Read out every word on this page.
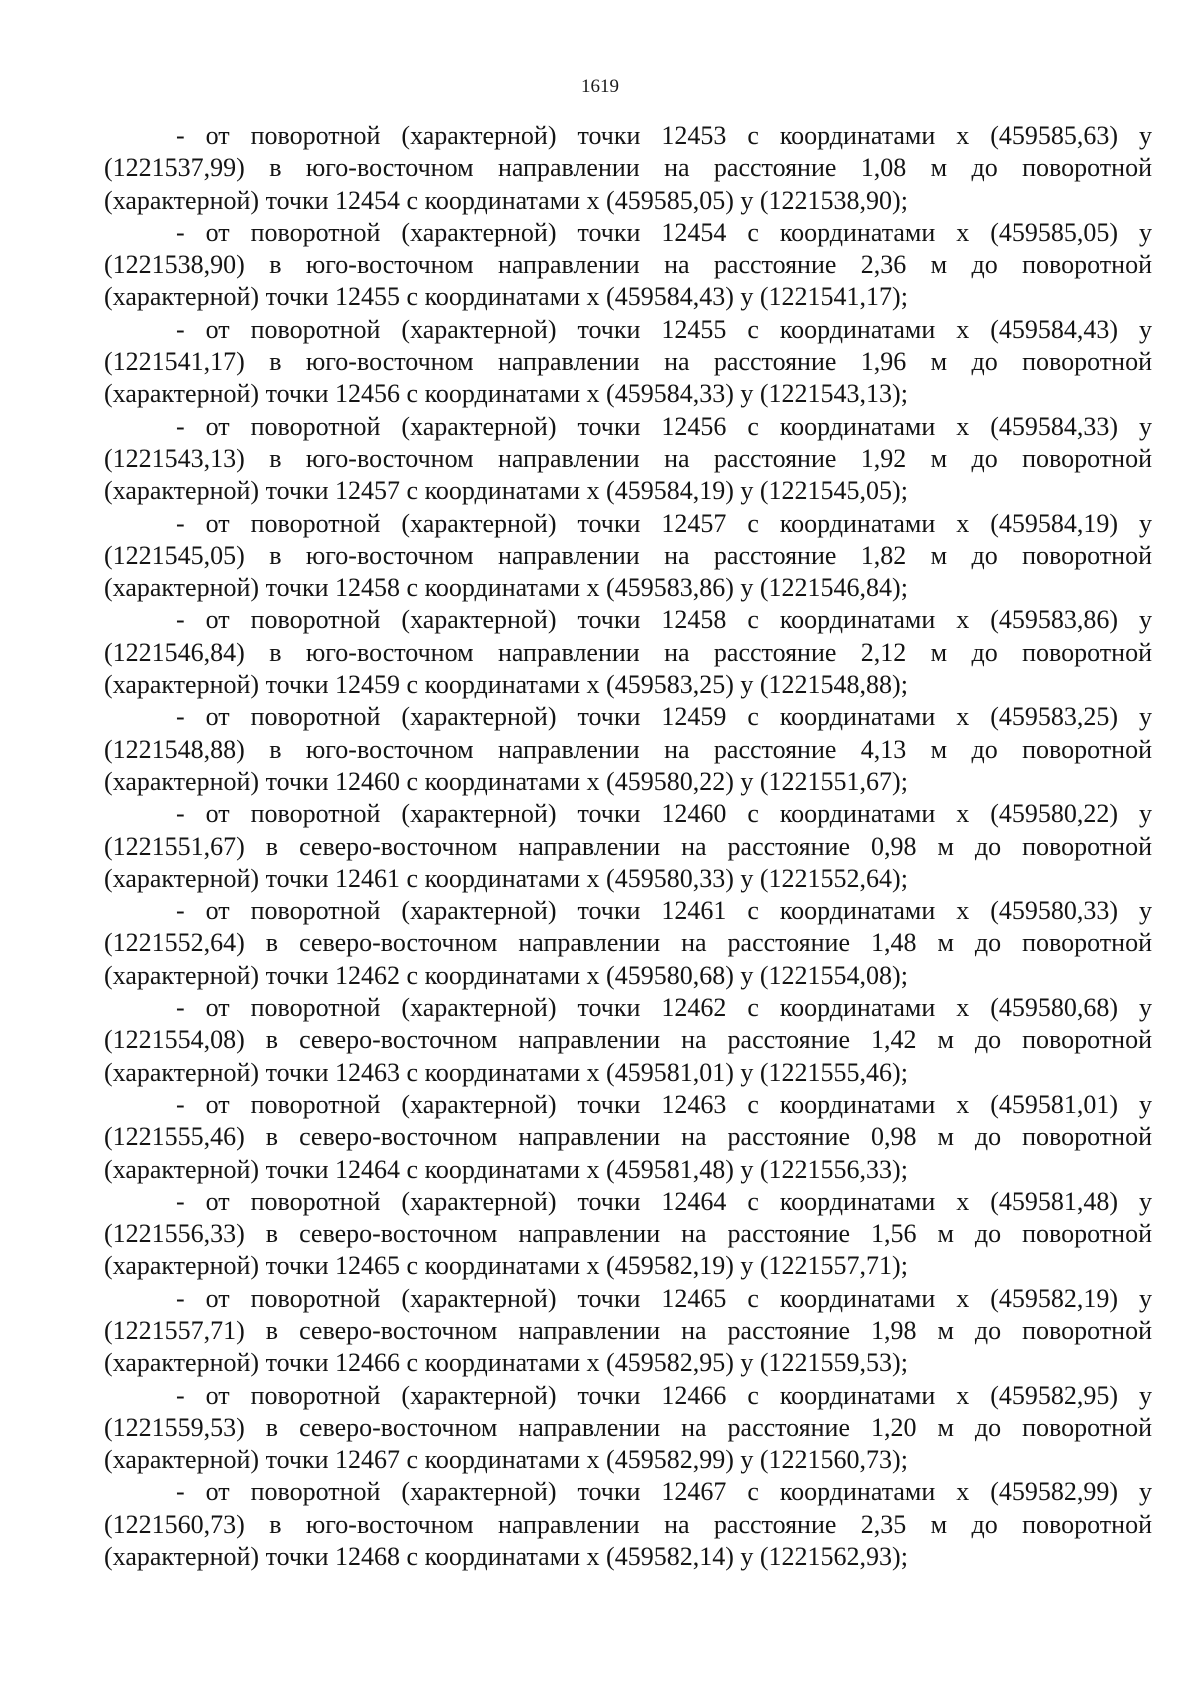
1619

- от поворотной (характерной) точки 12453 с координатами х (459585,63) у (1221537,99) в юго-восточном направлении на расстояние 1,08 м до поворотной (характерной) точки 12454 с координатами х (459585,05) у (1221538,90);

- от поворотной (характерной) точки 12454 с координатами х (459585,05) у (1221538,90) в юго-восточном направлении на расстояние 2,36 м до поворотной (характерной) точки 12455 с координатами х (459584,43) у (1221541,17);

- от поворотной (характерной) точки 12455 с координатами х (459584,43) у (1221541,17) в юго-восточном направлении на расстояние 1,96 м до поворотной (характерной) точки 12456 с координатами х (459584,33) у (1221543,13);

- от поворотной (характерной) точки 12456 с координатами х (459584,33) у (1221543,13) в юго-восточном направлении на расстояние 1,92 м до поворотной (характерной) точки 12457 с координатами х (459584,19) у (1221545,05);

- от поворотной (характерной) точки 12457 с координатами х (459584,19) у (1221545,05) в юго-восточном направлении на расстояние 1,82 м до поворотной (характерной) точки 12458 с координатами х (459583,86) у (1221546,84);

- от поворотной (характерной) точки 12458 с координатами х (459583,86) у (1221546,84) в юго-восточном направлении на расстояние 2,12 м до поворотной (характерной) точки 12459 с координатами х (459583,25) у (1221548,88);

- от поворотной (характерной) точки 12459 с координатами х (459583,25) у (1221548,88) в юго-восточном направлении на расстояние 4,13 м до поворотной (характерной) точки 12460 с координатами х (459580,22) у (1221551,67);

- от поворотной (характерной) точки 12460 с координатами х (459580,22) у (1221551,67) в северо-восточном направлении на расстояние 0,98 м до поворотной (характерной) точки 12461 с координатами х (459580,33) у (1221552,64);

- от поворотной (характерной) точки 12461 с координатами х (459580,33) у (1221552,64) в северо-восточном направлении на расстояние 1,48 м до поворотной (характерной) точки 12462 с координатами х (459580,68) у (1221554,08);

- от поворотной (характерной) точки 12462 с координатами х (459580,68) у (1221554,08) в северо-восточном направлении на расстояние 1,42 м до поворотной (характерной) точки 12463 с координатами х (459581,01) у (1221555,46);

- от поворотной (характерной) точки 12463 с координатами х (459581,01) у (1221555,46) в северо-восточном направлении на расстояние 0,98 м до поворотной (характерной) точки 12464 с координатами х (459581,48) у (1221556,33);

- от поворотной (характерной) точки 12464 с координатами х (459581,48) у (1221556,33) в северо-восточном направлении на расстояние 1,56 м до поворотной (характерной) точки 12465 с координатами х (459582,19) у (1221557,71);

- от поворотной (характерной) точки 12465 с координатами х (459582,19) у (1221557,71) в северо-восточном направлении на расстояние 1,98 м до поворотной (характерной) точки 12466 с координатами х (459582,95) у (1221559,53);

- от поворотной (характерной) точки 12466 с координатами х (459582,95) у (1221559,53) в северо-восточном направлении на расстояние 1,20 м до поворотной (характерной) точки 12467 с координатами х (459582,99) у (1221560,73);

- от поворотной (характерной) точки 12467 с координатами х (459582,99) у (1221560,73) в юго-восточном направлении на расстояние 2,35 м до поворотной (характерной) точки 12468 с координатами х (459582,14) у (1221562,93);
